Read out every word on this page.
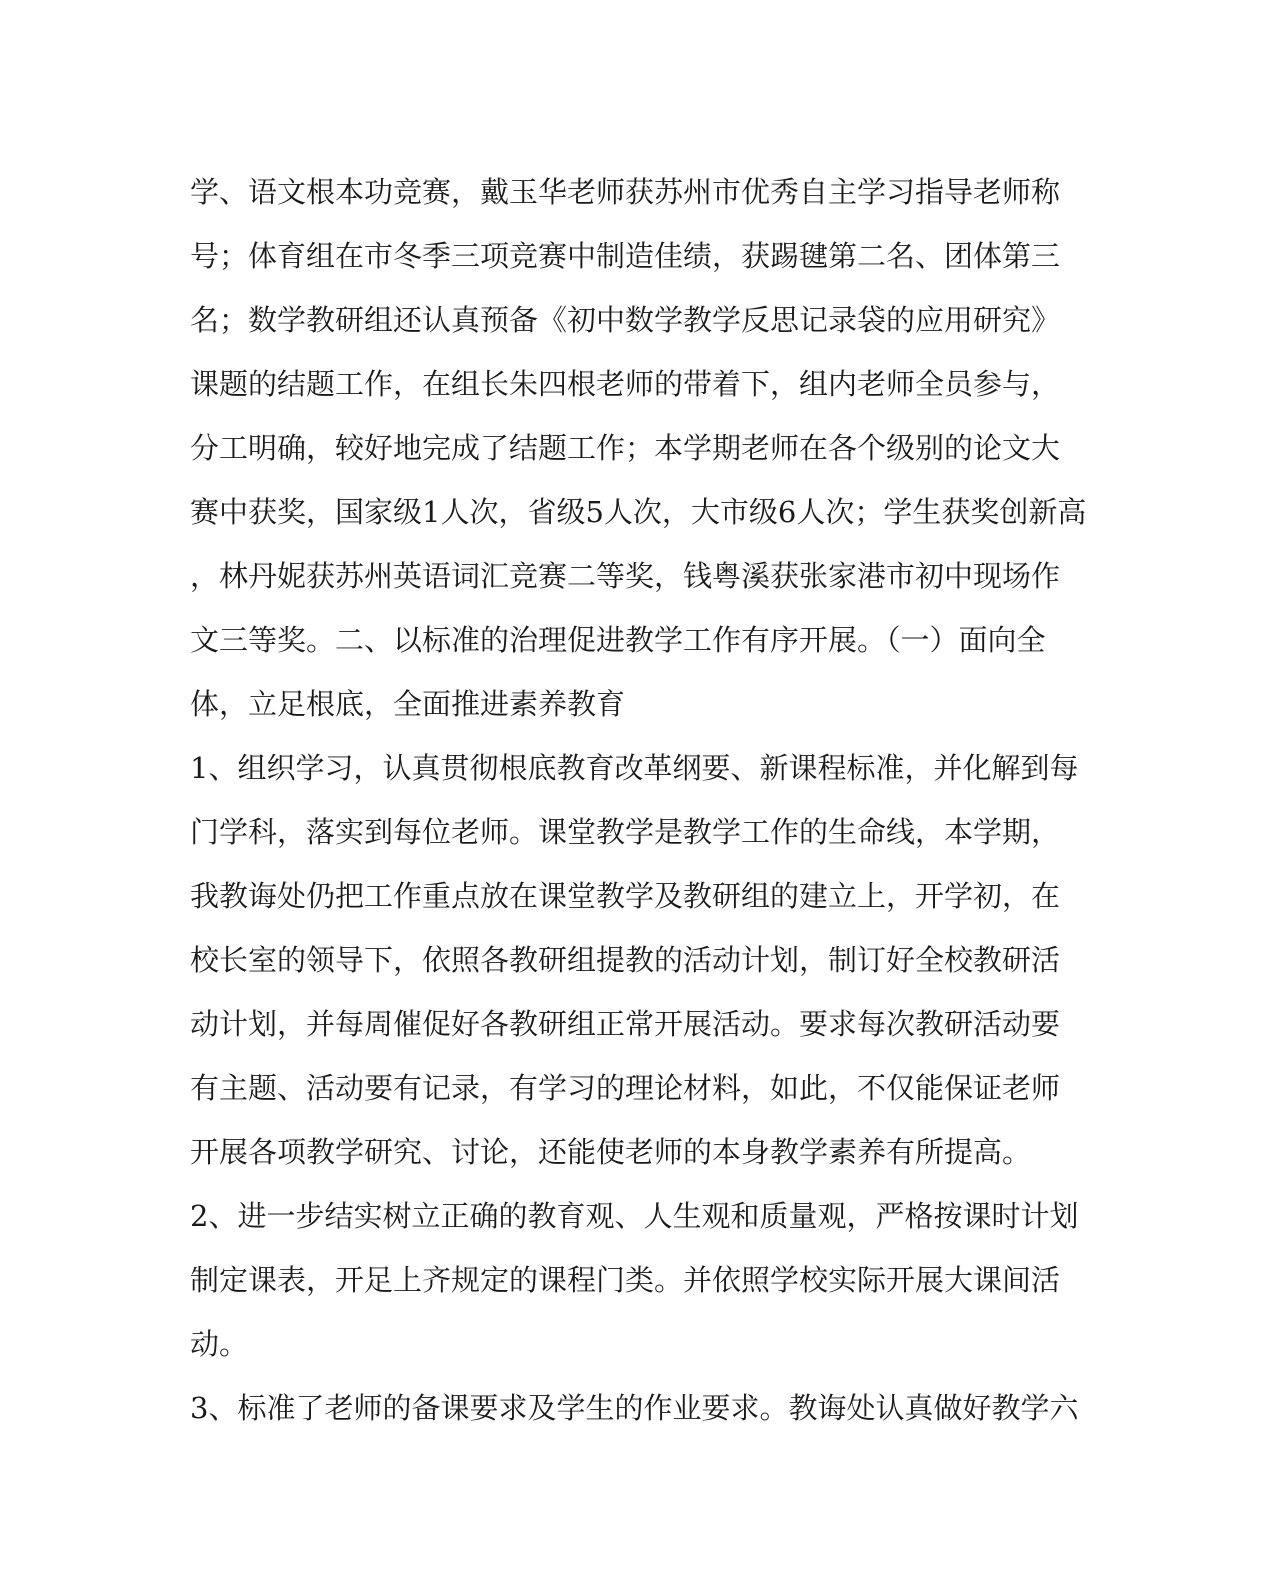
学、语文根本功竞赛，戴玉华老师获苏州市优秀自主学习指导老师称
号；体育组在市冬季三项竞赛中制造佳绩，获踢毽第二名、团体第三
名；数学教研组还认真预备《初中数学教学反思记录袋的应用研究》
课题的结题工作，在组长朱四根老师的带着下，组内老师全员参与，
分工明确，较好地完成了结题工作；本学期老师在各个级别的论文大
赛中获奖，国家级1人次，省级5人次，大市级6人次；学生获奖创新高
，林丹妮获苏州英语词汇竞赛二等奖，钱粤溪获张家港市初中现场作
文三等奖。二、以标准的治理促进教学工作有序开展。（一）面向全
体，立足根底，全面推进素养教育
1、组织学习，认真贯彻根底教育改革纲要、新课程标准，并化解到每
门学科，落实到每位老师。课堂教学是教学工作的生命线，本学期，
我教诲处仍把工作重点放在课堂教学及教研组的建立上，开学初，在
校长室的领导下，依照各教研组提教的活动计划，制订好全校教研活
动计划，并每周催促好各教研组正常开展活动。要求每次教研活动要
有主题、活动要有记录，有学习的理论材料，如此，不仅能保证老师
开展各项教学研究、讨论，还能使老师的本身教学素养有所提高。
2、进一步结实树立正确的教育观、人生观和质量观，严格按课时计划
制定课表，开足上齐规定的课程门类。并依照学校实际开展大课间活
动。
3、标准了老师的备课要求及学生的作业要求。教诲处认真做好教学六
